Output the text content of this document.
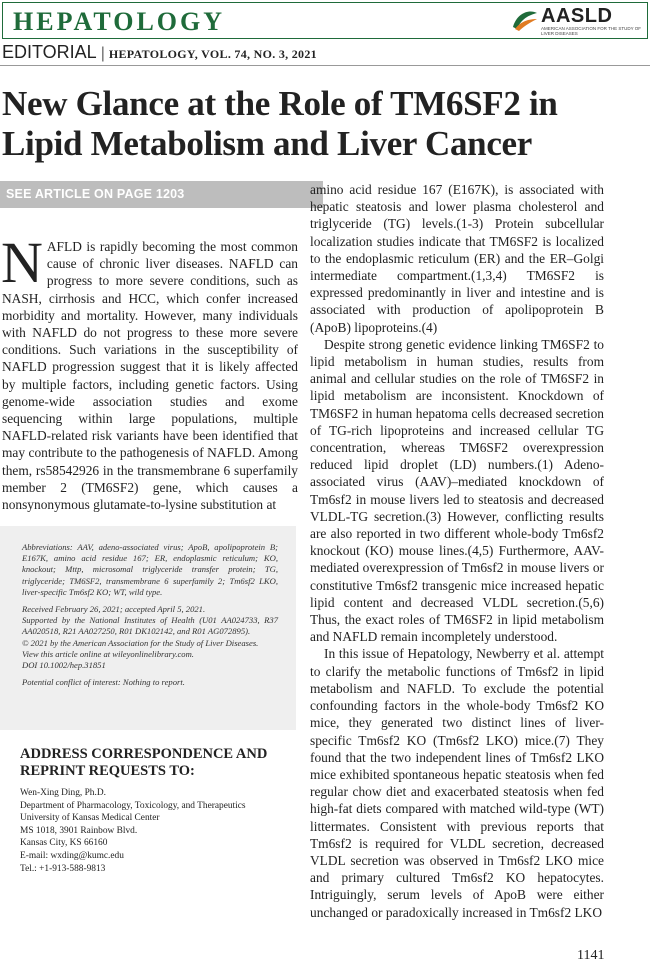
HEPATOLOGY	AASLD
AMERICAN ASSOCIATION FOR THE STUDY OF LIVER DISEASES
EDITORIAL | HEPATOLOGY, VOL. 74, NO. 3, 2021
New Glance at the Role of TM6SF2 in Lipid Metabolism and Liver Cancer
SEE ARTICLE ON PAGE 1203

NAFLD is rapidly becoming the most common cause of chronic liver diseases. NAFLD can progress to more severe conditions, such as NASH, cirrhosis and HCC, which confer increased morbidity and mortality. However, many individuals with NAFLD do not progress to these more severe conditions. Such variations in the susceptibility of NAFLD progression suggest that it is likely affected by multiple factors, including genetic factors. Using genome-wide association studies and exome sequencing within large populations, multiple NAFLD-related risk variants have been identified that may contribute to the pathogenesis of NAFLD. Among them, rs58542926 in the transmembrane 6 superfamily member 2 (TM6SF2) gene, which causes a nonsynonymous glutamate-to-lysine substitution at

Abbreviations: AAV, adeno-associated virus; ApoB, apolipoprotein B; E167K, amino acid residue 167; ER, endoplasmic reticulum; KO, knockout; Mttp, microsomal triglyceride transfer protein; TG, triglyceride; TM6SF2, transmembrane 6 superfamily 2; Tm6sf2 LKO, liver-specific Tm6sf2 KO; WT, wild type.

Received February 26, 2021; accepted April 5, 2021.

Supported by the National Institutes of Health (U01 AA024733, R37 AA020518, R21 AA027250, R01 DK102142, and R01 AG072895).

© 2021 by the American Association for the Study of Liver Diseases.

View this article online at wileyonlinelibrary.com.

DOI 10.1002/hep.31851

Potential conflict of interest: Nothing to report.

ADDRESS CORRESPONDENCE AND REPRINT REQUESTS TO:
Wen-Xing Ding, Ph.D.
Department of Pharmacology, Toxicology, and Therapeutics
University of Kansas Medical Center
MS 1018, 3901 Rainbow Blvd.
Kansas City, KS 66160
E-mail: wxding@kumc.edu
Tel.: +1-913-588-9813

amino acid residue 167 (E167K), is associated with hepatic steatosis and lower plasma cholesterol and triglyceride (TG) levels.(1-3) Protein subcellular localization studies indicate that TM6SF2 is localized to the endoplasmic reticulum (ER) and the ER–Golgi intermediate compartment.(1,3,4) TM6SF2 is expressed predominantly in liver and intestine and is associated with production of apolipoprotein B (ApoB) lipoproteins.(4)

Despite strong genetic evidence linking TM6SF2 to lipid metabolism in human studies, results from animal and cellular studies on the role of TM6SF2 in lipid metabolism are inconsistent. Knockdown of TM6SF2 in human hepatoma cells decreased secretion of TG-rich lipoproteins and increased cellular TG concentration, whereas TM6SF2 overexpression reduced lipid droplet (LD) numbers.(1) Adeno-associated virus (AAV)–mediated knockdown of Tm6sf2 in mouse livers led to steatosis and decreased VLDL-TG secretion.(3) However, conflicting results are also reported in two different whole-body Tm6sf2 knockout (KO) mouse lines.(4,5) Furthermore, AAV-mediated overexpression of Tm6sf2 in mouse livers or constitutive Tm6sf2 transgenic mice increased hepatic lipid content and decreased VLDL secretion.(5,6) Thus, the exact roles of TM6SF2 in lipid metabolism and NAFLD remain incompletely understood.

In this issue of Hepatology, Newberry et al. attempt to clarify the metabolic functions of Tm6sf2 in lipid metabolism and NAFLD. To exclude the potential confounding factors in the whole-body Tm6sf2 KO mice, they generated two distinct lines of liver-specific Tm6sf2 KO (Tm6sf2 LKO) mice.(7) They found that the two independent lines of Tm6sf2 LKO mice exhibited spontaneous hepatic steatosis when fed regular chow diet and exacerbated steatosis when fed high-fat diets compared with matched wild-type (WT) littermates. Consistent with previous reports that Tm6sf2 is required for VLDL secretion, decreased VLDL secretion was observed in Tm6sf2 LKO mice and primary cultured Tm6sf2 KO hepatocytes. Intriguingly, serum levels of ApoB were either unchanged or paradoxically increased in Tm6sf2 LKO

1141
